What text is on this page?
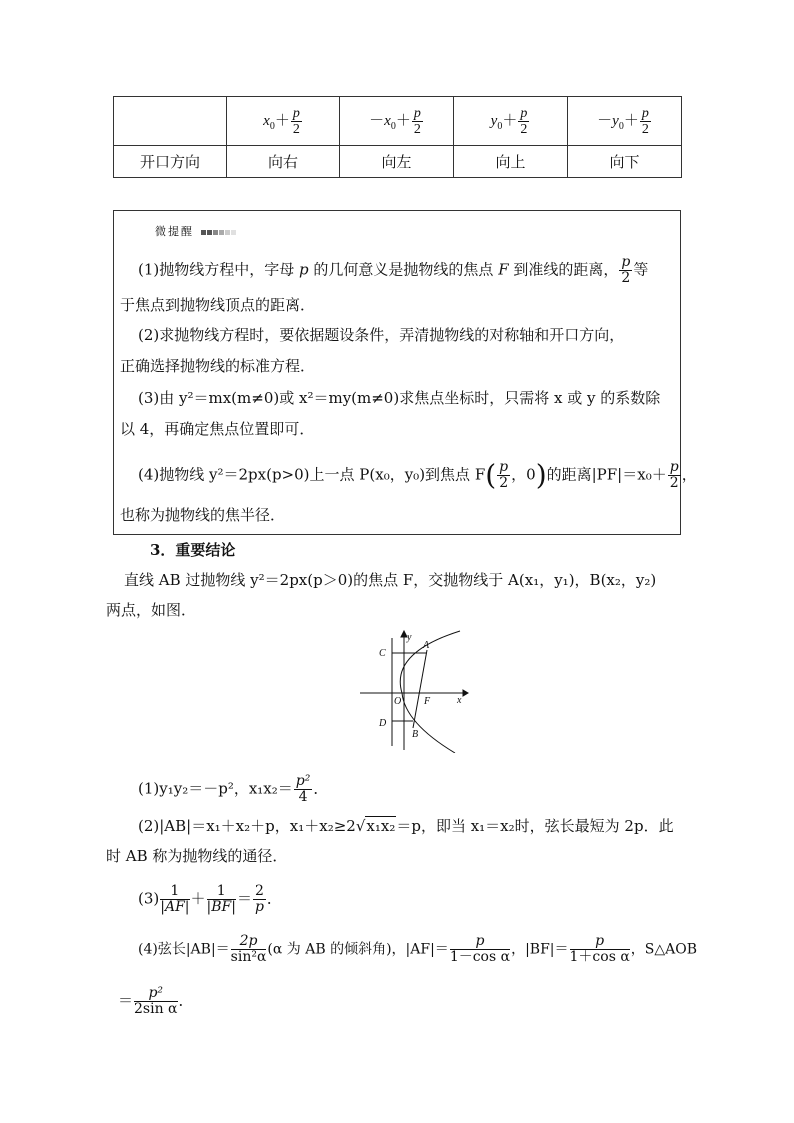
	$x_0+ \frac{p}{2}$	$-x_0+ \frac{p}{2}$	$y_0+ \frac{p}{2}$	$-y_0+ \frac{p}{2}$

开口方向	向右	向左	向上	向下
微提醒
(1)抛物线方程中，字母 p 的几何意义是抛物线的焦点 F 到准线的距离， $\frac{p}{2}$ 等
于焦点到抛物线顶点的距离．
(2)求抛物线方程时，要依据题设条件，弄清抛物线的对称轴和开口方向，
正确选择抛物线的标准方程．
(3)由 y²＝mx(m≠0)或 x²＝my(m≠0)求焦点坐标时，只需将 x 或 y 的系数除
以 4，再确定焦点位置即可．
(4)抛物线 y²＝2px(p>0)上一点 P(x₀，y₀)到焦点 $F( \frac{p}{2}$ ，0)的距离$|PF|=x_0+ \frac{p}{2}$ ，
也称为抛物线的焦半径．
3．重要结论
直线 AB 过抛物线 y²＝2px(p＞0)的焦点 F，交抛物线于 A(x₁，y₁)，B(x₂，y₂)
两点，如图．
y
x
A
B
C
D
O F
(1)y₁y₂＝－p²，$x_1x_2= \frac{\text{p²}}{4}$ ．
(2)|AB|＝x₁＋x₂＋p，x₁＋x₂≥2√x₁x₂＝p，即当 x₁＝x₂时，弦长最短为 2p．此
时 AB 称为抛物线的通径．
$(3) \frac{1}{|AF|} + \frac{1}{|BF|} = \frac{2}{p}$ ．
(4)弦长$|AB|= \frac{2p}{\text{sin²α}} (\alpha$ 为 AB 的倾斜角)，$|AF|= \frac{p}{\text{1－cos α}}$ ，$|BF|= \frac{p}{\text{1＋cos α}}$ ，S△AOB
＝ $\frac{\text{p²}}{\text{2sin α}}$ ．
